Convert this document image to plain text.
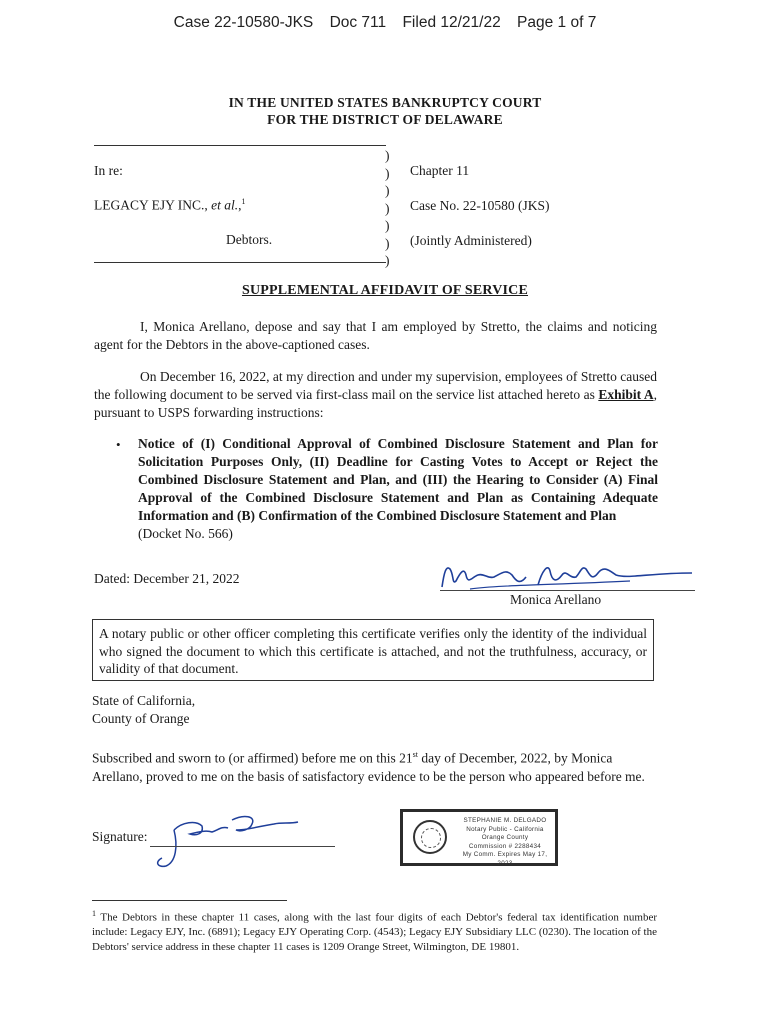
Case 22-10580-JKS Doc 711 Filed 12/21/22 Page 1 of 7
IN THE UNITED STATES BANKRUPTCY COURT
FOR THE DISTRICT OF DELAWARE
In re:
LEGACY EJY INC., et al.,$^1$
Debtors.
)
)
)
)
)
)
)
Chapter 11
Case No. 22-10580 (JKS)
(Jointly Administered)
SUPPLEMENTAL AFFIDAVIT OF SERVICE
I, Monica Arellano, depose and say that I am employed by Stretto, the claims and noticing agent for the Debtors in the above-captioned cases.
On December 16, 2022, at my direction and under my supervision, employees of Stretto caused the following document to be served via first-class mail on the service list attached hereto as Exhibit A, pursuant to USPS forwarding instructions:
• Notice of (I) Conditional Approval of Combined Disclosure Statement and Plan for Solicitation Purposes Only, (II) Deadline for Casting Votes to Accept or Reject the Combined Disclosure Statement and Plan, and (III) the Hearing to Consider (A) Final Approval of the Combined Disclosure Statement and Plan as Containing Adequate Information and (B) Confirmation of the Combined Disclosure Statement and Plan
(Docket No. 566)
Dated: December 21, 2022
Monica Arellano
A notary public or other officer completing this certificate verifies only the identity of the individual who signed the document to which this certificate is attached, and not the truthfulness, accuracy, or validity of that document.
State of California,
County of Orange
Subscribed and sworn to (or affirmed) before me on this 21st day of December, 2022, by Monica Arellano, proved to me on the basis of satisfactory evidence to be the person who appeared before me.
Signature:
STEPHANIE M. DELGADO
Notary Public - California
Orange County
Commission # 2288434
My Comm. Expires May 17, 2023
$^1$ The Debtors in these chapter 11 cases, along with the last four digits of each Debtor's federal tax identification number include: Legacy EJY, Inc. (6891); Legacy EJY Operating Corp. (4543); Legacy EJY Subsidiary LLC (0230). The location of the Debtors' service address in these chapter 11 cases is 1209 Orange Street, Wilmington, DE 19801.
